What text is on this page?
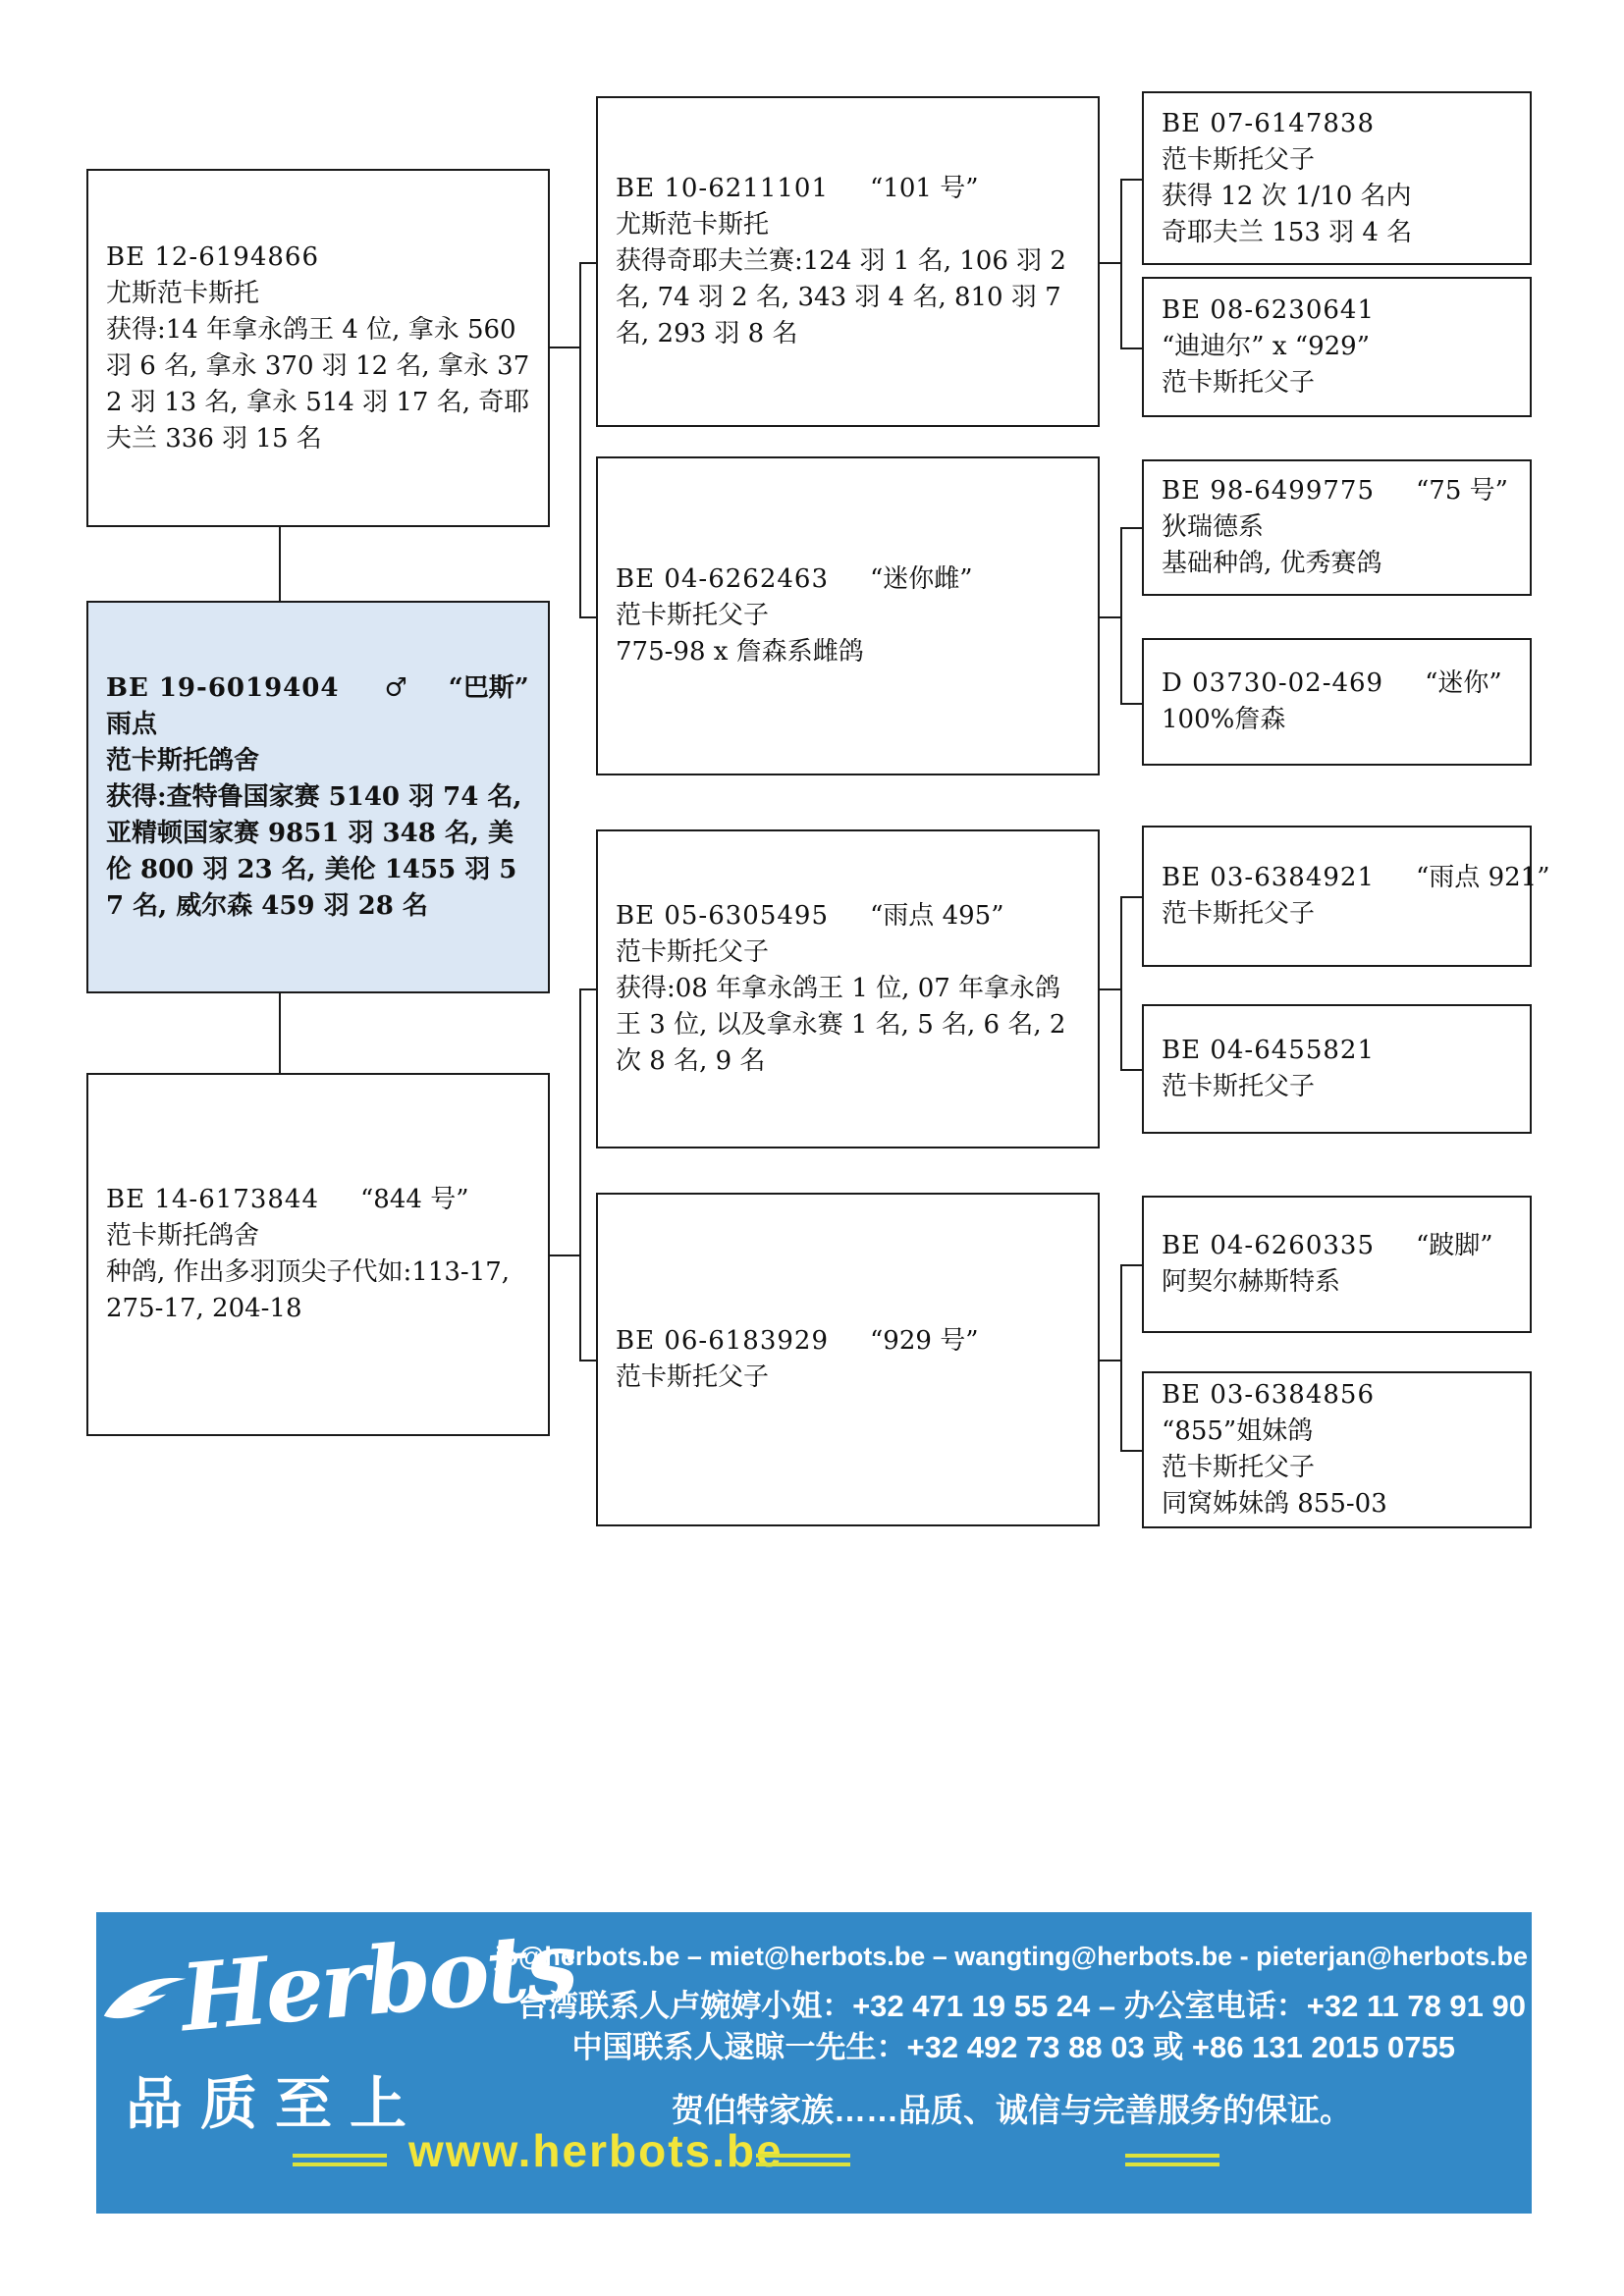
BE 12-6194866
尤斯范卡斯托
获得:14 年拿永鸽王 4 位, 拿永 560 羽 6 名, 拿永 370 羽 12 名, 拿永 372 羽 13 名, 拿永 514 羽 17 名, 奇耶夫兰 336 羽 15 名
BE 19-6019404 ♂ “巴斯”
雨点
范卡斯托鸽舍
获得:查特鲁国家赛 5140 羽 74 名, 亚精顿国家赛 9851 羽 348 名, 美伦 800 羽 23 名, 美伦 1455 羽 57 名, 威尔森 459 羽 28 名
BE 14-6173844 “844 号”
范卡斯托鸽舍
种鸽, 作出多羽顶尖子代如:113-17, 275-17, 204-18
BE 10-6211101 “101 号”
尤斯范卡斯托
获得奇耶夫兰赛:124 羽 1 名, 106 羽 2 名, 74 羽 2 名, 343 羽 4 名, 810 羽 7 名, 293 羽 8 名
BE 04-6262463 “迷你雌”
范卡斯托父子
775-98 x 詹森系雌鸽
BE 05-6305495 “雨点 495”
范卡斯托父子
获得:08 年拿永鸽王 1 位, 07 年拿永鸽王 3 位, 以及拿永赛 1 名, 5 名, 6 名, 2 次 8 名, 9 名
BE 06-6183929 “929 号”
范卡斯托父子
BE 07-6147838
范卡斯托父子
获得 12 次 1/10 名内
奇耶夫兰 153 羽 4 名
BE 08-6230641
“迪迪尔” x “929”
范卡斯托父子
BE 98-6499775 “75 号”
狄瑞德系
基础种鸽, 优秀赛鸽
D 03730-02-469 “迷你”
100%詹森
BE 03-6384921 “雨点 921”
范卡斯托父子
BE 04-6455821
范卡斯托父子
BE 04-6260335 “跛脚”
阿契尔赫斯特系
BE 03-6384856
“855”姐妹鸽
范卡斯托父子
同窝姊妹鸽 855-03
Herbots
品质至上
jo@herbots.be – miet@herbots.be – wangting@herbots.be - pieterjan@herbots.be
台湾联系人卢婉婷小姐：+32 471 19 55 24 – 办公室电话：+32 11 78 91 90
中国联系人逯晾一先生：+32 492 73 88 03 或 +86 131 2015 0755
贺伯特家族……品质、诚信与完善服务的保证。
www.herbots.be
